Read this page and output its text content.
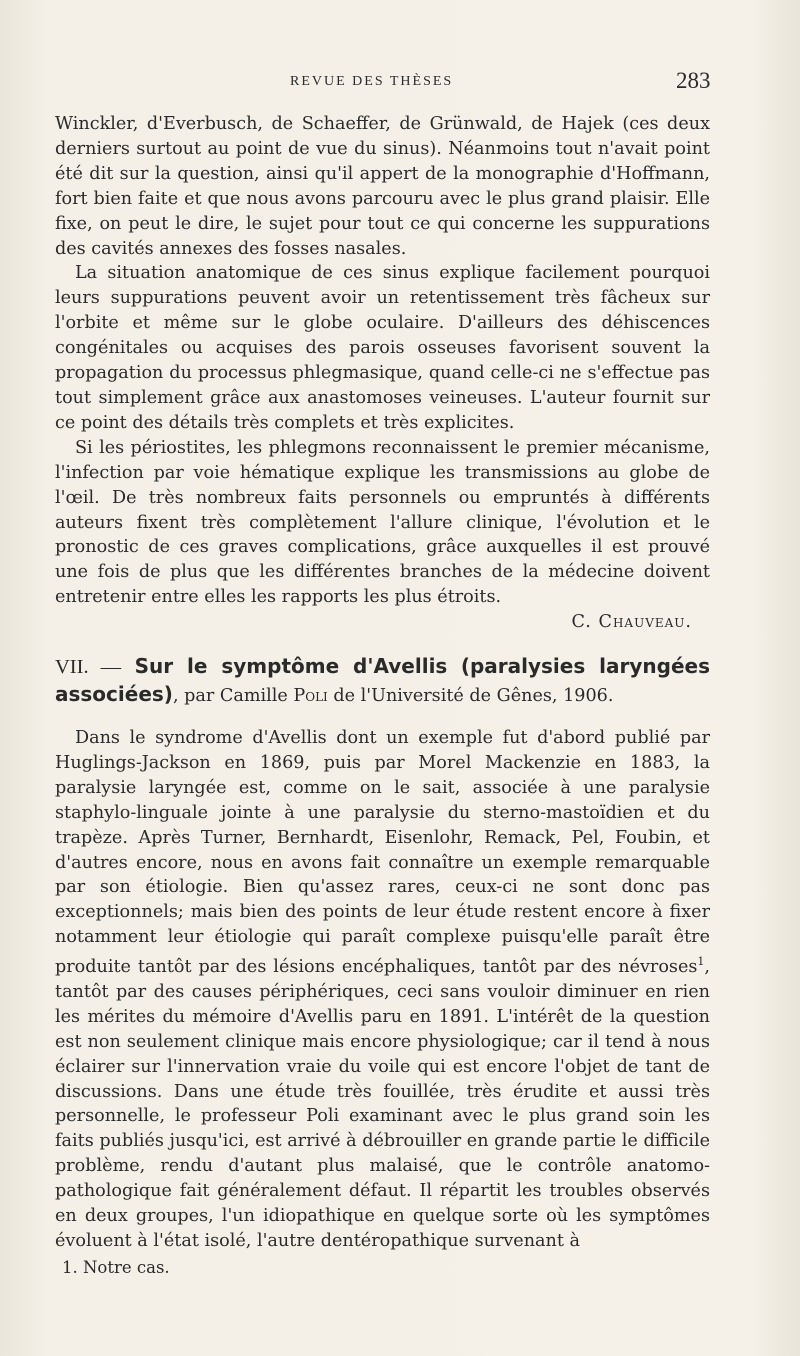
REVUE DES THÈSES	283

Winckler, d'Everbusch, de Schaeffer, de Grünwald, de Hajek (ces deux derniers surtout au point de vue du sinus). Néanmoins tout n'avait point été dit sur la question, ainsi qu'il appert de la monographie d'Hoffmann, fort bien faite et que nous avons parcouru avec le plus grand plaisir. Elle fixe, on peut le dire, le sujet pour tout ce qui concerne les suppurations des cavités annexes des fosses nasales.

La situation anatomique de ces sinus explique facilement pourquoi leurs suppurations peuvent avoir un retentissement très fâcheux sur l'orbite et même sur le globe oculaire. D'ailleurs des déhiscences congénitales ou acquises des parois osseuses favorisent souvent la propagation du processus phlegmasique, quand celle-ci ne s'effectue pas tout simplement grâce aux anastomoses veineuses. L'auteur fournit sur ce point des détails très complets et très explicites.

Si les périostites, les phlegmons reconnaissent le premier mécanisme, l'infection par voie hématique explique les transmissions au globe de l'œil. De très nombreux faits personnels ou empruntés à différents auteurs fixent très complètement l'allure clinique, l'évolution et le pronostic de ces graves complications, grâce auxquelles il est prouvé une fois de plus que les différentes branches de la médecine doivent entretenir entre elles les rapports les plus étroits.

C. Chauveau.

VII. — Sur le symptôme d'Avellis (paralysies laryngées associées), par Camille Poli de l'Université de Gênes, 1906.

Dans le syndrome d'Avellis dont un exemple fut d'abord publié par Huglings-Jackson en 1869, puis par Morel Mackenzie en 1883, la paralysie laryngée est, comme on le sait, associée à une paralysie staphylo-linguale jointe à une paralysie du sterno-mastoïdien et du trapèze. Après Turner, Bernhardt, Eisenlohr, Remack, Pel, Foubin, et d'autres encore, nous en avons fait connaître un exemple remarquable par son étiologie. Bien qu'assez rares, ceux-ci ne sont donc pas exceptionnels; mais bien des points de leur étude restent encore à fixer notamment leur étiologie qui paraît complexe puisqu'elle paraît être produite tantôt par des lésions encéphaliques, tantôt par des névroses$^1$, tantôt par des causes périphériques, ceci sans vouloir diminuer en rien les mérites du mémoire d'Avellis paru en 1891. L'intérêt de la question est non seulement clinique mais encore physiologique; car il tend à nous éclairer sur l'innervation vraie du voile qui est encore l'objet de tant de discussions. Dans une étude très fouillée, très érudite et aussi très personnelle, le professeur Poli examinant avec le plus grand soin les faits publiés jusqu'ici, est arrivé à débrouiller en grande partie le difficile problème, rendu d'autant plus malaisé, que le contrôle anatomo-pathologique fait généralement défaut. Il répartit les troubles observés en deux groupes, l'un idiopathique en quelque sorte où les symptômes évoluent à l'état isolé, l'autre dentéropathique survenant à

1. Notre cas.
